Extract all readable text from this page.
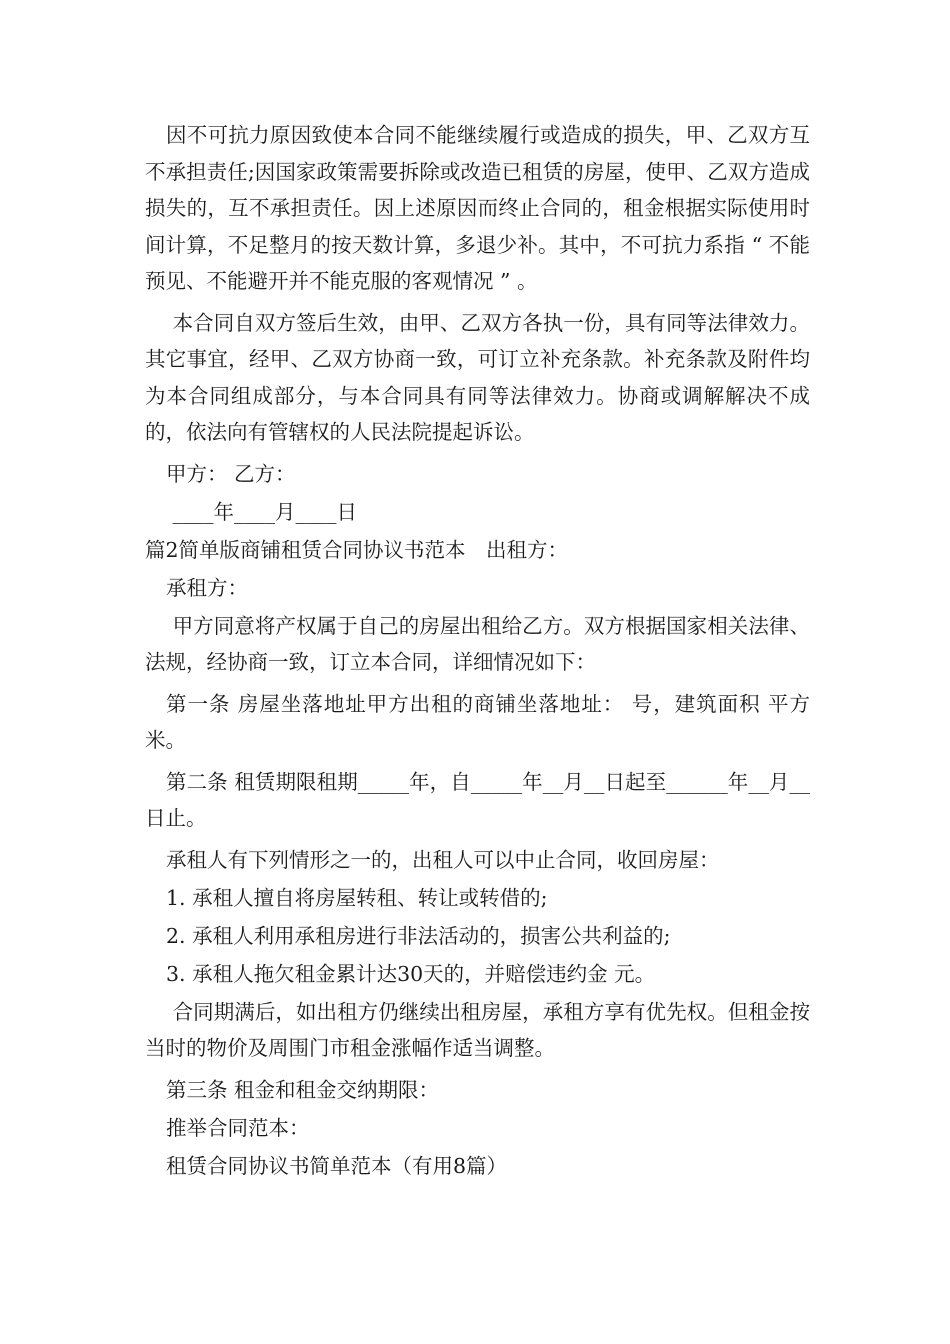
因不可抗力原因致使本合同不能继续履行或造成的损失，甲、乙双方互不承担责任;因国家政策需要拆除或改造已租赁的房屋，使甲、乙双方造成损失的，互不承担责任。因上述原因而终止合同的，租金根据实际使用时间计算，不足整月的按天数计算，多退少补。其中，不可抗力系指 “ 不能预见、不能避开并不能克服的客观情况 ” 。

本合同自双方签后生效，由甲、乙双方各执一份，具有同等法律效力。其它事宜，经甲、乙双方协商一致，可订立补充条款。补充条款及附件均为本合同组成部分，与本合同具有同等法律效力。协商或调解解决不成的，依法向有管辖权的人民法院提起诉讼。

甲方： 乙方：

____年____月____日

篇2简单版商铺租赁合同协议书范本　出租方：

承租方：

甲方同意将产权属于自己的房屋出租给乙方。双方根据国家相关法律、法规，经协商一致，订立本合同，详细情况如下：

第一条 房屋坐落地址甲方出租的商铺坐落地址： 号，建筑面积 平方米。

第二条 租赁期限租期_____年，自_____年__月__日起至______年__月__日止。

承租人有下列情形之一的，出租人可以中止合同，收回房屋：

1. 承租人擅自将房屋转租、转让或转借的;

2. 承租人利用承租房进行非法活动的，损害公共利益的;

3. 承租人拖欠租金累计达30天的，并赔偿违约金 元。

合同期满后，如出租方仍继续出租房屋，承租方享有优先权。但租金按当时的物价及周围门市租金涨幅作适当调整。

第三条 租金和租金交纳期限：

推举合同范本：

租赁合同协议书简单范本（有用8篇）
